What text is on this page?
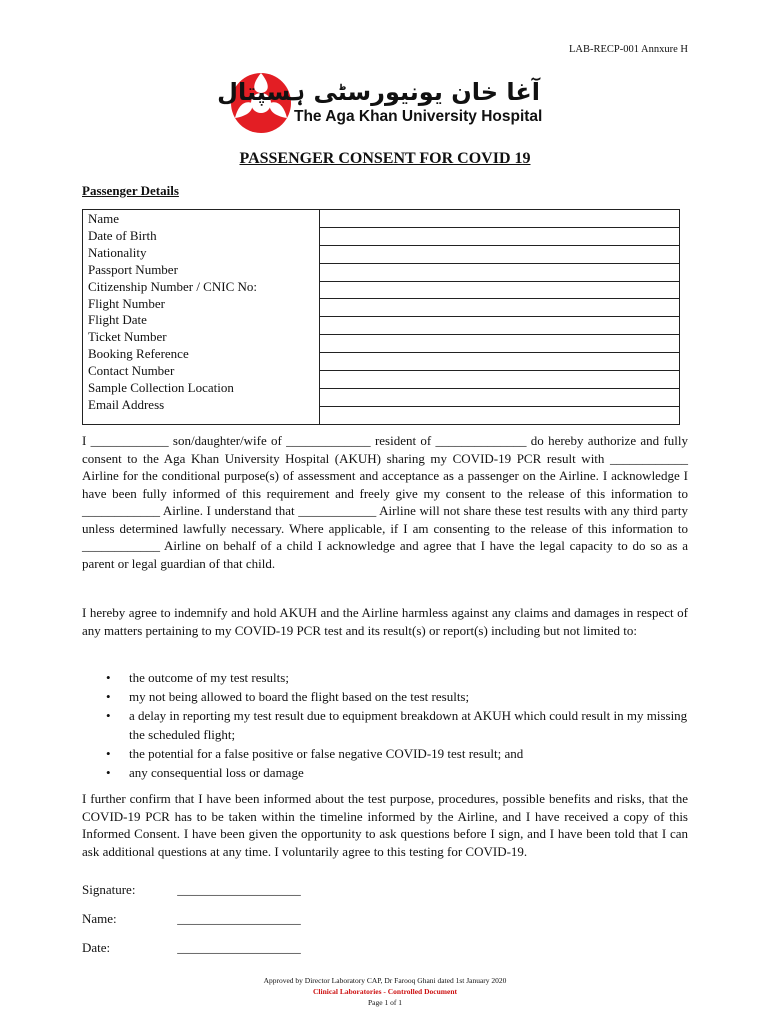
LAB-RECP-001 Annxure H
آغا خان یونیورسٹی ہسپتال
The Aga Khan University Hospital
PASSENGER CONSENT FOR COVID 19
Passenger Details
Name
Date of Birth
Nationality
Passport Number
Citizenship Number / CNIC No:
Flight Number
Flight Date
Ticket Number
Booking Reference
Contact Number
Sample Collection Location
Email Address

I ____________ son/daughter/wife of _____________ resident of ______________ do hereby authorize and fully consent to the Aga Khan University Hospital (AKUH) sharing my COVID-19 PCR result with ____________ Airline for the conditional purpose(s) of assessment and acceptance as a passenger on the Airline. I acknowledge I have been fully informed of this requirement and freely give my consent to the release of this information to ____________ Airline. I understand that ____________ Airline will not share these test results with any third party unless determined lawfully necessary. Where applicable, if I am consenting to the release of this information to ____________ Airline on behalf of a child I acknowledge and agree that I have the legal capacity to do so as a parent or legal guardian of that child.
I hereby agree to indemnify and hold AKUH and the Airline harmless against any claims and damages in respect of any matters pertaining to my COVID-19 PCR test and its result(s) or report(s) including but not limited to:
• the outcome of my test results;
• my not being allowed to board the flight based on the test results;
• a delay in reporting my test result due to equipment breakdown at AKUH which could result in my missing the scheduled flight;
• the potential for a false positive or false negative COVID-19 test result; and
• any consequential loss or damage
I further confirm that I have been informed about the test purpose, procedures, possible benefits and risks, that the COVID-19 PCR has to be taken within the timeline informed by the Airline, and I have received a copy of this Informed Consent. I have been given the opportunity to ask questions before I sign, and I have been told that I can ask additional questions at any time. I voluntarily agree to this testing for COVID-19.
Signature:	___________________
Name:	___________________
Date:	___________________
Approved by Director Laboratory CAP, Dr Farooq Ghani dated 1st January 2020
Clinical Laboratories - Controlled Document
Page 1 of 1
